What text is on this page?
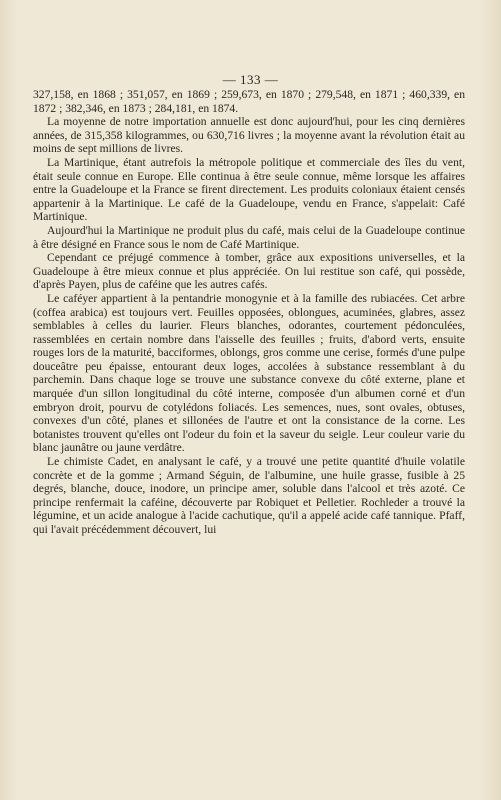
— 133 —

327,158, en 1868 ; 351,057, en 1869 ; 259,673, en 1870 ; 279,548, en 1871 ; 460,339, en 1872 ; 382,346, en 1873 ; 284,181, en 1874.

La moyenne de notre importation annuelle est donc aujourd'hui, pour les cinq dernières années, de 315,358 kilogrammes, ou 630,716 livres ; la moyenne avant la révolution était au moins de sept millions de livres.

La Martinique, étant autrefois la métropole politique et commerciale des îles du vent, était seule connue en Europe. Elle continua à être seule connue, même lorsque les affaires entre la Guadeloupe et la France se firent directement. Les produits coloniaux étaient censés appartenir à la Martinique. Le café de la Guadeloupe, vendu en France, s'appelait: Café Martinique.

Aujourd'hui la Martinique ne produit plus du café, mais celui de la Guadeloupe continue à être désigné en France sous le nom de Café Martinique.

Cependant ce préjugé commence à tomber, grâce aux expositions universelles, et la Guadeloupe à être mieux connue et plus appréciée. On lui restitue son café, qui possède, d'après Payen, plus de caféine que les autres cafés.

Le caféyer appartient à la pentandrie monogynie et à la famille des rubiacées. Cet arbre (coffea arabica) est toujours vert. Feuilles opposées, oblongues, acuminées, glabres, assez semblables à celles du laurier. Fleurs blanches, odorantes, courtement pédonculées, rassemblées en certain nombre dans l'aisselle des feuilles ; fruits, d'abord verts, ensuite rouges lors de la maturité, bacciformes, oblongs, gros comme une cerise, formés d'une pulpe douceâtre peu épaisse, entourant deux loges, accolées à substance ressemblant à du parchemin. Dans chaque loge se trouve une substance convexe du côté externe, plane et marquée d'un sillon longitudinal du côté interne, composée d'un albumen corné et d'un embryon droit, pourvu de cotylédons foliacés. Les semences, nues, sont ovales, obtuses, convexes d'un côté, planes et sillonées de l'autre et ont la consistance de la corne. Les botanistes trouvent qu'elles ont l'odeur du foin et la saveur du seigle. Leur couleur varie du blanc jaunâtre ou jaune verdâtre.

Le chimiste Cadet, en analysant le café, y a trouvé une petite quantité d'huile volatile concrète et de la gomme ; Armand Séguin, de l'albumine, une huile grasse, fusible à 25 degrés, blanche, douce, inodore, un principe amer, soluble dans l'alcool et très azoté. Ce principe renfermait la caféine, découverte par Robiquet et Pelletier. Rochleder a trouvé la légumine, et un acide analogue à l'acide cachutique, qu'il a appelé acide café tannique. Pfaff, qui l'avait précédemment découvert, lui
